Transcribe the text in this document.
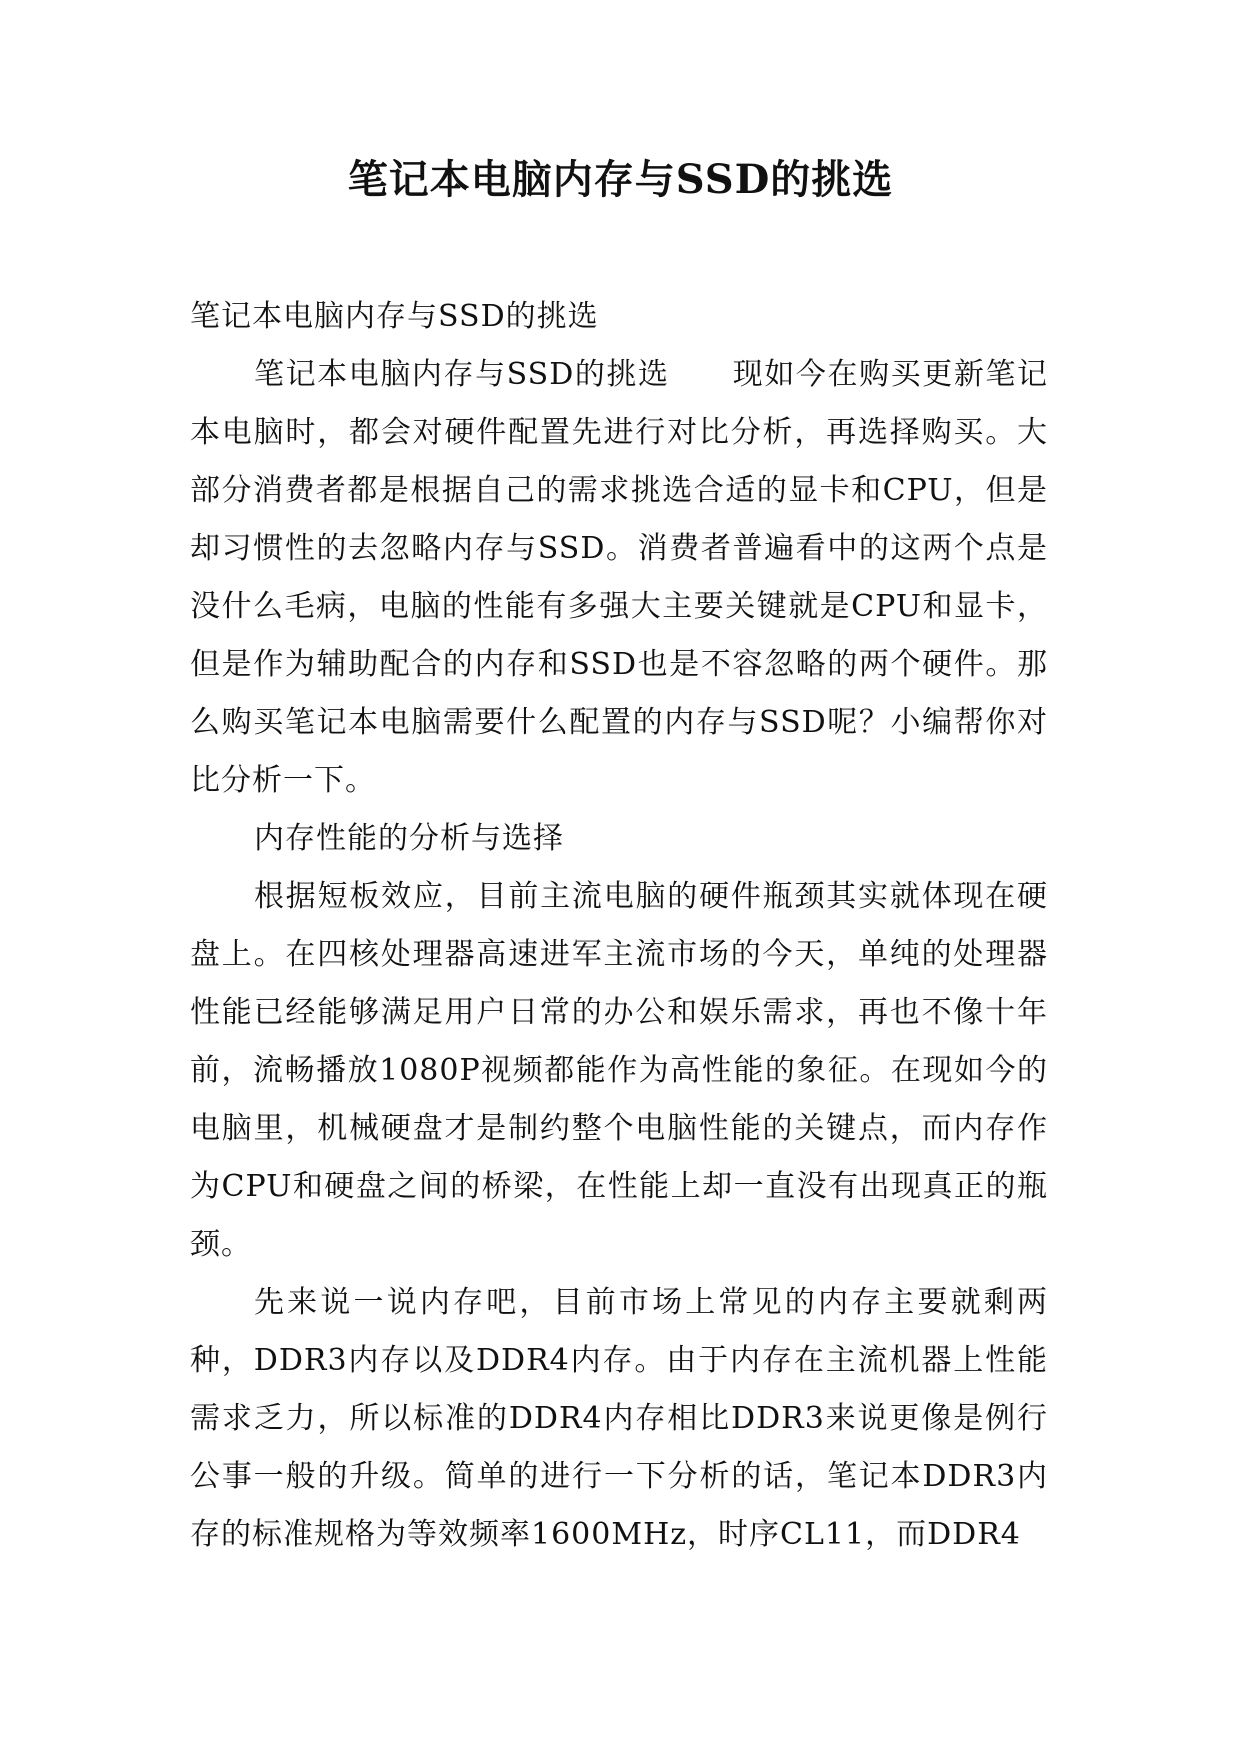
笔记本电脑内存与SSD的挑选

笔记本电脑内存与SSD的挑选

笔记本电脑内存与SSD的挑选　　现如今在购买更新笔记本电脑时，都会对硬件配置先进行对比分析，再选择购买。大部分消费者都是根据自己的需求挑选合适的显卡和CPU，但是却习惯性的去忽略内存与SSD。消费者普遍看中的这两个点是没什么毛病，电脑的性能有多强大主要关键就是CPU和显卡，但是作为辅助配合的内存和SSD也是不容忽略的两个硬件。那么购买笔记本电脑需要什么配置的内存与SSD呢？小编帮你对比分析一下。

内存性能的分析与选择

根据短板效应，目前主流电脑的硬件瓶颈其实就体现在硬盘上。在四核处理器高速进军主流市场的今天，单纯的处理器性能已经能够满足用户日常的办公和娱乐需求，再也不像十年前，流畅播放1080P视频都能作为高性能的象征。在现如今的电脑里，机械硬盘才是制约整个电脑性能的关键点，而内存作为CPU和硬盘之间的桥梁，在性能上却一直没有出现真正的瓶颈。

先来说一说内存吧，目前市场上常见的内存主要就剩两种，DDR3内存以及DDR4内存。由于内存在主流机器上性能需求乏力，所以标准的DDR4内存相比DDR3来说更像是例行公事一般的升级。简单的进行一下分析的话，笔记本DDR3内存的标准规格为等效频率1600MHz，时序CL11，而DDR4
